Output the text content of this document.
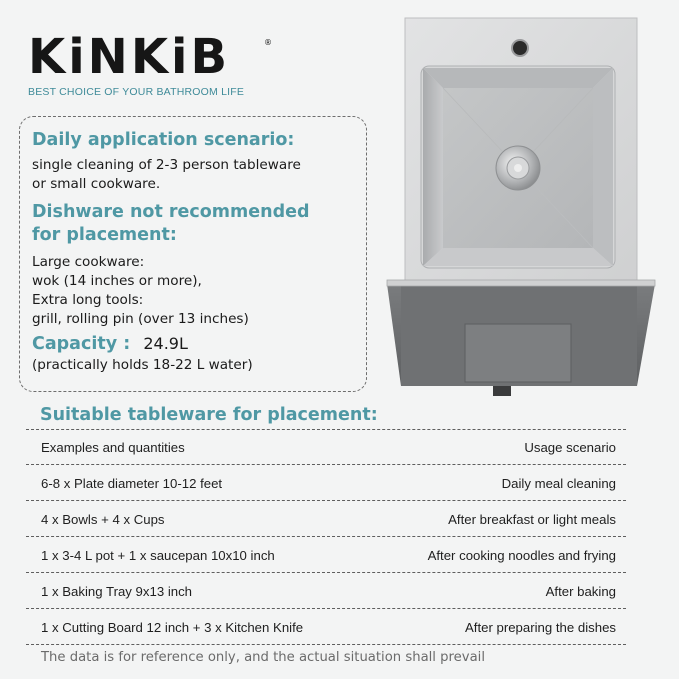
KiNKiB	®
BEST CHOICE OF YOUR BATHROOM LIFE
Daily application scenario:
single cleaning of 2-3 person tableware
or small cookware.
Dishware not recommended
for placement:
Large cookware:
wok (14 inches or more),
Extra long tools:
grill, rolling pin (over 13 inches)
Capacity : 24.9L
(practically holds 18-22 L water)
Suitable tableware for placement:
Examples and quantities	Usage scenario
6-8 x Plate diameter 10-12 feet	Daily meal cleaning
4 x Bowls + 4 x Cups	After breakfast or light meals
1 x 3-4 L pot + 1 x saucepan 10x10 inch	After cooking noodles and frying
1 x Baking Tray 9x13 inch	After baking
1 x Cutting Board 12 inch + 3 x Kitchen Knife	After preparing the dishes
The data is for reference only, and the actual situation shall prevail
